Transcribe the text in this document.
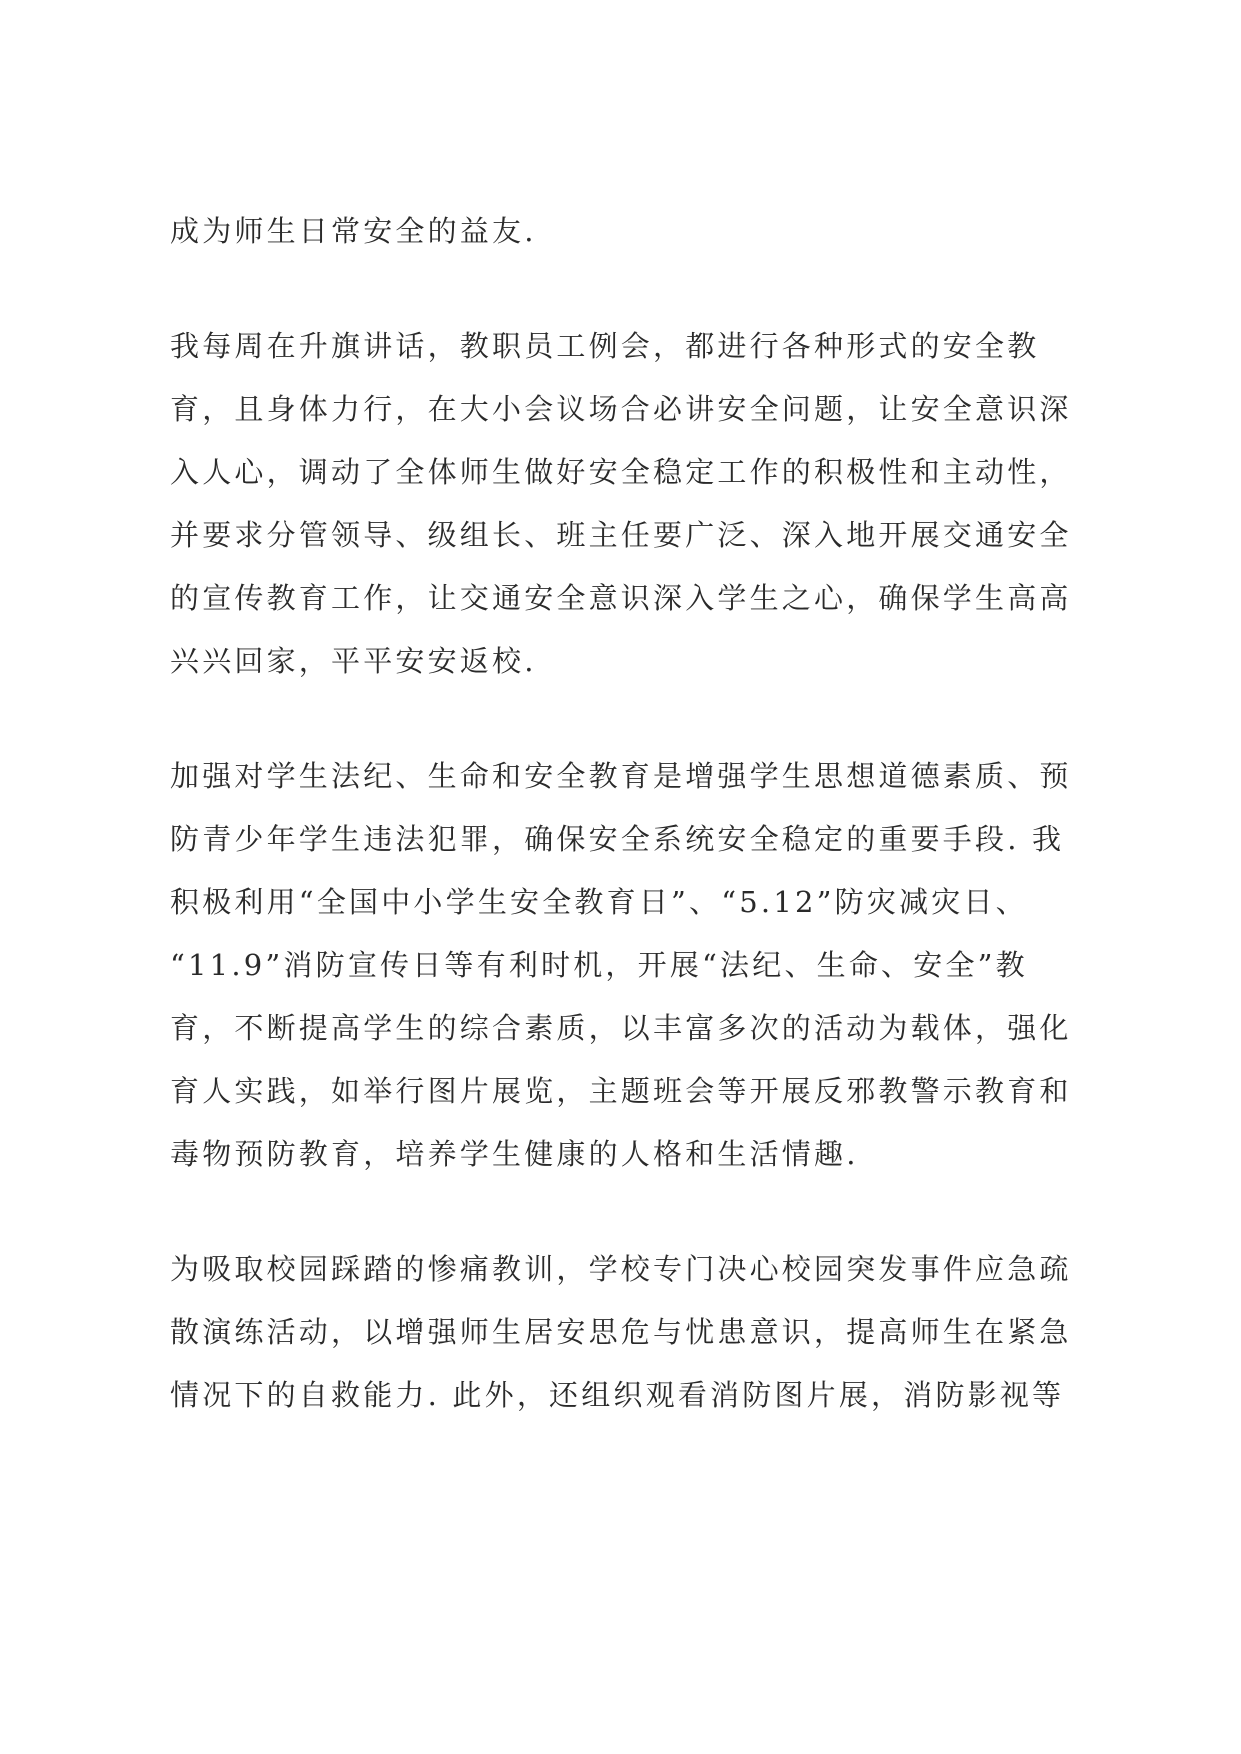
成为师生日常安全的益友.

我每周在升旗讲话，教职员工例会，都进行各种形式的安全教

育，且身体力行，在大小会议场合必讲安全问题，让安全意识深

入人心，调动了全体师生做好安全稳定工作的积极性和主动性，

并要求分管领导、级组长、班主任要广泛、深入地开展交通安全

的宣传教育工作，让交通安全意识深入学生之心，确保学生高高

兴兴回家，平平安安返校.

加强对学生法纪、生命和安全教育是增强学生思想道德素质、预

防青少年学生违法犯罪，确保安全系统安全稳定的重要手段. 我

积极利用“全国中小学生安全教育日”、“5.12”防灾减灾日、

“11.9”消防宣传日等有利时机，开展“法纪、生命、安全”教

育，不断提高学生的综合素质，以丰富多次的活动为载体，强化

育人实践，如举行图片展览，主题班会等开展反邪教警示教育和

毒物预防教育，培养学生健康的人格和生活情趣.

为吸取校园踩踏的惨痛教训，学校专门决心校园突发事件应急疏

散演练活动，以增强师生居安思危与忧患意识，提高师生在紧急

情况下的自救能力. 此外，还组织观看消防图片展，消防影视等
